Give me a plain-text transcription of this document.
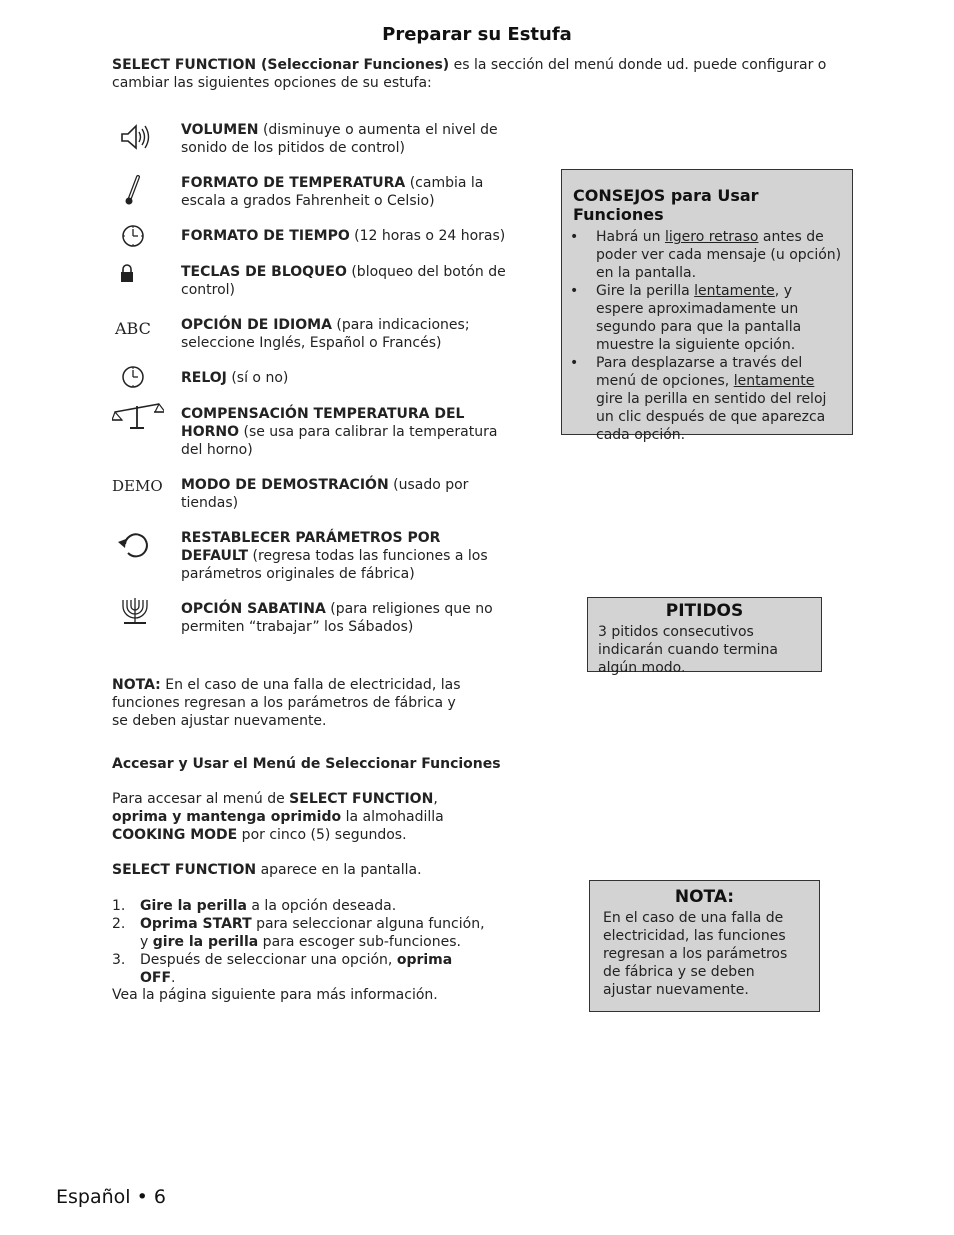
Preparar su Estufa
SELECT FUNCTION (Seleccionar Funciones) es la sección del menú donde ud. puede configurar o cambiar las siguientes opciones de su estufa:
VOLUMEN (disminuye o aumenta el nivel de sonido de los pitidos de control)
FORMATO DE TEMPERATURA (cambia la escala a grados Fahrenheit o Celsio)
FORMATO DE TIEMPO (12 horas o 24 horas)
TECLAS DE BLOQUEO (bloqueo del botón de control)
ABC	OPCIÓN DE IDIOMA (para indicaciones; seleccione Inglés, Español o Francés)
RELOJ (sí o no)
COMPENSACIÓN TEMPERATURA DEL HORNO (se usa para calibrar la temperatura del horno)
DEMO	MODO DE DEMOSTRACIÓN (usado por tiendas)
RESTABLECER PARÁMETROS POR DEFAULT (regresa todas las funciones a los parámetros originales de fábrica)
OPCIÓN SABATINA (para religiones que no permiten “trabajar” los Sábados)
NOTA: En el caso de una falla de electricidad, las funciones regresan a los parámetros de fábrica y se deben ajustar nuevamente.
Accesar y Usar el Menú de Seleccionar Funciones
Para accesar al menú de SELECT FUNCTION, oprima y mantenga oprimido la almohadilla COOKING MODE por cinco (5) segundos.
SELECT FUNCTION aparece en la pantalla.
1.	Gire la perilla a la opción deseada.
2.	Oprima START para seleccionar alguna función, y gire la perilla para escoger sub-funciones.
3.	Después de seleccionar una opción, oprima OFF.
Vea la página siguiente para más información.
CONSEJOS para Usar Funciones
• Habrá un ligero retraso antes de poder ver cada mensaje (u opción) en la pantalla.
• Gire la perilla lentamente, y espere aproximadamente un segundo para que la pantalla muestre la siguiente opción.
• Para desplazarse a través del menú de opciones, lentamente gire la perilla en sentido del reloj un clic después de que aparezca cada opción.
PITIDOS

3 pitidos consecutivos indicarán cuando termina algún modo.

NOTA:

En el caso de una falla de electricidad, las funciones regresan a los parámetros de fábrica y se deben ajustar nuevamente.

Español • 6
